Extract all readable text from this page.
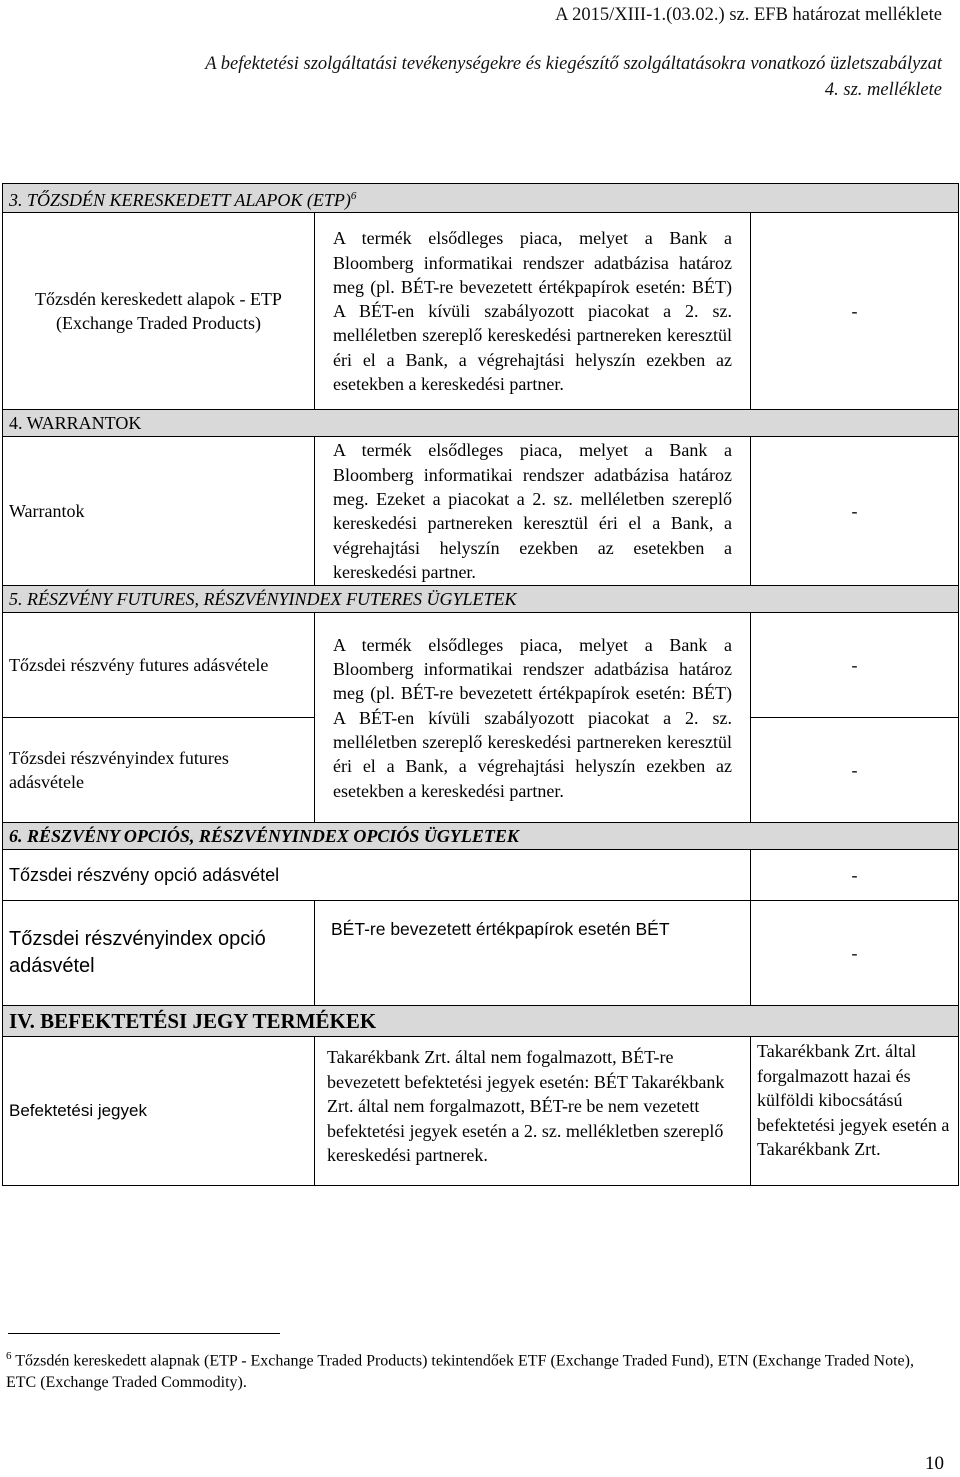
A 2015/XIII-1.(03.02.) sz. EFB határozat melléklete
A befektetési szolgáltatási tevékenységekre és kiegészítő szolgáltatásokra vonatkozó üzletszabályzat
4. sz. melléklete
3. TŐZSDÉN KERESKEDETT ALAPOK (ETP)$^6$
Tőzsdén kereskedett alapok - ETP (Exchange Traded Products)	A termék elsődleges piaca, melyet a Bank a Bloomberg informatikai rendszer adatbázisa határoz meg (pl. BÉT-re bevezetett értékpapírok esetén: BÉT) A BÉT-en kívüli szabályozott piacokat a 2. sz. melléletben szereplő kereskedési partnereken keresztül éri el a Bank, a végrehajtási helyszín ezekben az esetekben a kereskedési partner.	-
4. WARRANTOK		
Warrantok	A termék elsődleges piaca, melyet a Bank a Bloomberg informatikai rendszer adatbázisa határoz meg. Ezeket a piacokat a 2. sz. melléletben szereplő kereskedési partnereken keresztül éri el a Bank, a végrehajtási helyszín ezekben az esetekben a kereskedési partner.	-
5. RÉSZVÉNY FUTURES, RÉSZVÉNYINDEX FUTERES ÜGYLETEK		
Tőzsdei részvény futures adásvétele	A termék elsődleges piaca, melyet a Bank a Bloomberg informatikai rendszer adatbázisa határoz meg (pl. BÉT-re bevezetett értékpapírok esetén: BÉT) A BÉT-en kívüli szabályozott piacokat a 2. sz. melléletben szereplő kereskedési partnereken keresztül éri el a Bank, a végrehajtási helyszín ezekben az esetekben a kereskedési partner.	-
Tőzsdei részvényindex futures adásvétele		-
6. RÉSZVÉNY OPCIÓS, RÉSZVÉNYINDEX OPCIÓS ÜGYLETEK		
Tőzsdei részvény opció adásvétel		-
Tőzsdei részvényindex opció adásvétel	BÉT-re bevezetett értékpapírok esetén BÉT	-
IV. BEFEKTETÉSI JEGY TERMÉKEK		
Befektetési jegyek	Takarékbank Zrt. által nem fogalmazott, BÉT-re bevezetett befektetési jegyek esetén: BÉT Takarékbank Zrt. által nem forgalmazott, BÉT-re be nem vezetett befektetési jegyek esetén a 2. sz. mellékletben szereplő kereskedési partnerek.	Takarékbank Zrt. által forgalmazott hazai és külföldi kibocsátású befektetési jegyek esetén a Takarékbank Zrt.
$^6$ Tőzsdén kereskedett alapnak (ETP - Exchange Traded Products) tekintendőek ETF (Exchange Traded Fund), ETN (Exchange Traded Note), ETC (Exchange Traded Commodity).
10
